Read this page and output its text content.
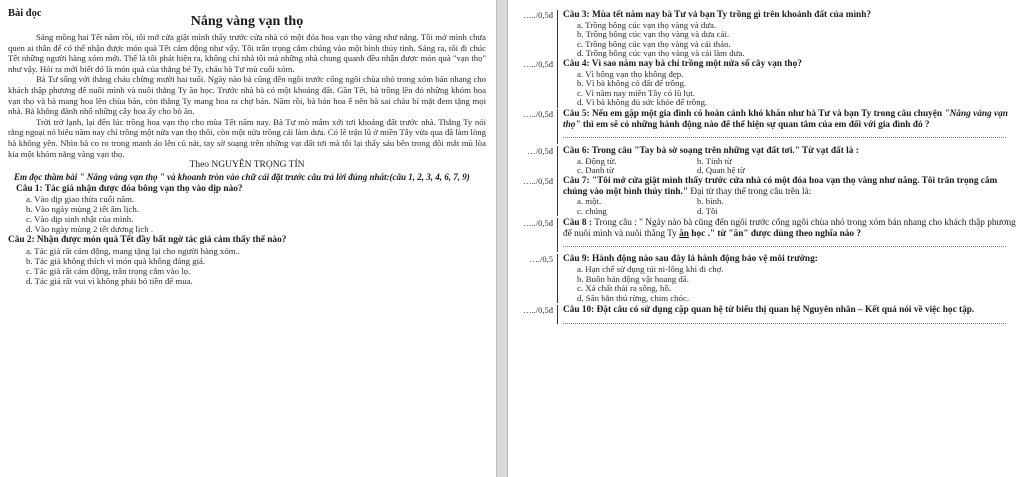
Bài đọc
Nắng vàng vạn thọ

Sáng mồng hai Tết năm rồi, tôi mở cửa giật mình thấy trước cửa nhà có một đóa hoa vạn thọ vàng như nắng. Tôi mở mình chưa quen ai thân để có thể nhận được món quà Tết cảm động như vậy. Tôi trân trọng cắm chúng vào một bình thủy tinh. Sáng ra, tôi đi chúc Tết những người hàng xóm mới. Thế là tôi phát hiện ra, không chỉ nhà tôi mà những nhà chung quanh đều nhận được món quà "vạn thọ" như vậy. Hỏi ra mới biết đó là món quà của thằng bé Ty, cháu bà Tư mù cuối xóm.

Bà Tư sống với thằng cháu chừng mười hai tuổi. Ngày nào bà cũng đến ngôi trước cổng ngôi chùa nhỏ trong xóm bán nhang cho khách thập phương để nuôi mình và nuôi thằng Ty ăn học. Trước nhà bà có một khoảng đất. Gần Tết, bà trồng lên đó những khóm hoa vạn thọ và bà mang hoa lên chùa bán, còn thằng Ty mang hoa ra chợ bán. Năm rồi, bà bán hoa ế nên bà sai cháu bỉ mặt đem tặng mọi nhà. Bà không đành nhổ những cây hoa ấy cho bò ăn.

Trời trở lạnh, lại đến lúc trồng hoa vạn thọ cho mùa Tết năm nay. Bà Tư mò mẫm xới tơi khoảng đất trước nhà. Thằng Ty nói rằng ngoại nó biêu năm nay chỉ trồng một nửa vạn thọ thôi, còn một nửa trồng cải làm dưa. Có lẽ trận lũ ở miền Tây vừa qua đã làm lòng bà không yên. Nhìn bà co ro trong manh áo lên cũ nát, tay sờ soạng trên những vạt đất tơi mà tôi lại thấy sáu bên trong đôi mắt mù lòa kia một khóm nắng vàng vạn thọ.

Theo NGUYỄN TRỌNG TÍN
Em đọc thầm bài " Nắng vàng vạn thọ " và khoanh tròn vào chữ cái đặt trước câu trả lời đúng nhất:(câu 1, 2, 3, 4, 6, 7, 9)
Câu 1: Tác giả nhận được đóa bông vạn thọ vào dịp nào?
a. Vào dịp giao thừa cuối năm.
b. Vào ngày mùng 2 tết âm lịch.
c. Vào dịp sinh nhật của mình.
d. Vào ngày mùng 2 tết dương lịch .
Câu 2: Nhận được món quà Tết đầy bất ngờ tác giả cảm thấy thế nào?
a. Tác giả rất cảm động, mang tặng lại cho người hàng xóm..
b. Tác giả không thích vì món quà không đáng giá.
c. Tác giả rất cảm động, trân trọng cắm vào lọ.
d. Tác giả rất vui vì không phải bỏ tiền để mua.
…../0,5đ	Câu 3: Mùa tết năm nay bà Tư và bạn Ty trồng gì trên khoảnh đất của mình?
a. Trồng bông cúc vạn thọ vàng và dưa.
b. Trồng bông cúc vạn thọ vàng và dưa cải.
c. Trồng bông cúc vạn thọ vàng và cải thảo.
d. Trồng bông cúc vạn thọ vàng và cải làm dưa.
…../0,5đ	Câu 4: Vì sao năm nay bà chỉ trồng một nửa số cây vạn thọ?
a. Vì bông vạn thọ không đẹp.
b. Vì bà không có đất để trồng.
c. Vì năm nay miền Tây có lũ lụt.
d. Vì bà không đủ sức khỏe để trồng.
…../0,5đ	Câu 5: Nếu em gặp một gia đình có hoàn cảnh khó khăn như bà Tư và bạn Ty trong câu chuyện "Nắng vàng vạn thọ" thì em sẽ có những hành động nào để thể hiện sự quan tâm của em đối với gia đình đó ?
…/0,5đ	Câu 6: Trong câu "Tay bà sờ soạng trên những vạt đất tơi." Từ vạt đất là :
a. Động từ.	b. Tính từ
c. Danh từ	d. Quan hệ từ
…../0,5đ	Câu 7: "Tôi mở cửa giật mình thấy trước cửa nhà có một đóa hoa vạn thọ vàng như nắng. Tôi trân trọng cắm chúng vào một bình thủy tinh." Đại từ thay thế trong câu trên là:
a. một.	b. bình.
c. chúng	d. Tôi
…../0,5đ	Câu 8 : Trong câu : " Ngày nào bà cũng đến ngôi trước cổng ngôi chùa nhỏ trong xóm bán nhang cho khách thập phương để nuôi mình và nuôi thằng Ty ăn học ." từ "ăn" được dùng theo nghĩa nào ?
…./0,5	Câu 9: Hành động nào sau đây là hành động bảo vệ môi trường:
a. Hạn chế sử dụng túi ni-lông khi đi chợ.
b. Buôn bán động vật hoang dã.
c. Xả chất thải ra sông, hồ.
d. Săn bắn thú rừng, chim chóc.
…../0,5đ	Câu 10: Đặt câu có sử dụng cặp quan hệ từ biểu thị quan hệ Nguyên nhân – Kết quả nói về việc học tập.
